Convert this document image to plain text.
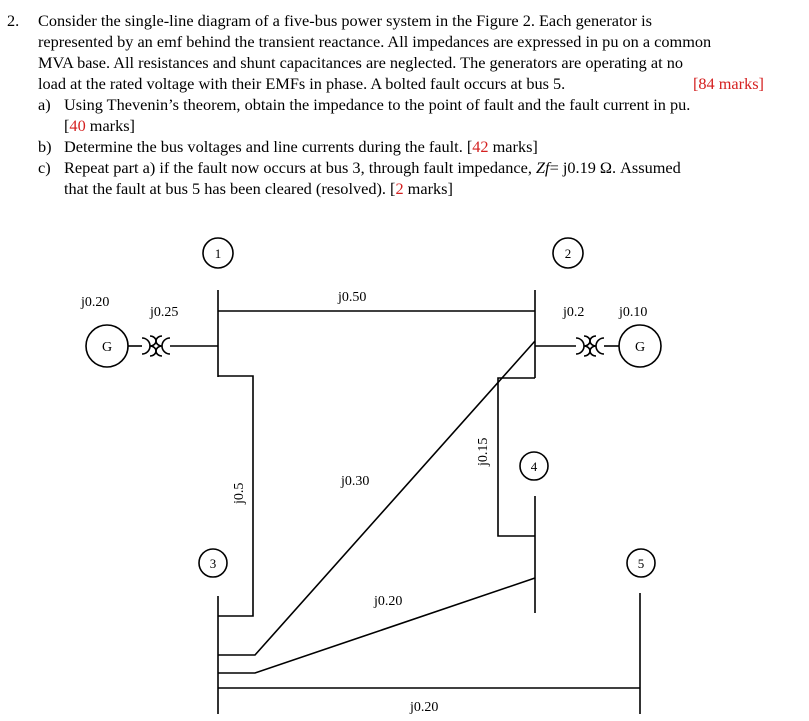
2. Consider the single-line diagram of a five-bus power system in the Figure 2. Each generator is
represented by an emf behind the transient reactance. All impedances are expressed in pu on a common
MVA base. All resistances and shunt capacitances are neglected. The generators are operating at no
load at the rated voltage with their EMFs in phase. A bolted fault occurs at bus 5.	[84 marks]
a) Using Thevenin’s theorem, obtain the impedance to the point of fault and the fault current in pu.
[40 marks]
b) Determine the bus voltages and line currents during the fault. [42 marks]
c) Repeat part a) if the fault now occurs at bus 3, through fault impedance, Zf= j0.19 Ω. Assumed
that the fault at bus 5 has been cleared (resolved). [2 marks]
1	2
3
4
5
G	G
j0.20
j0.25
j0.50
j0.2 j0.10
j0.30
j0.20
j0.20
j0.5
j0.15
